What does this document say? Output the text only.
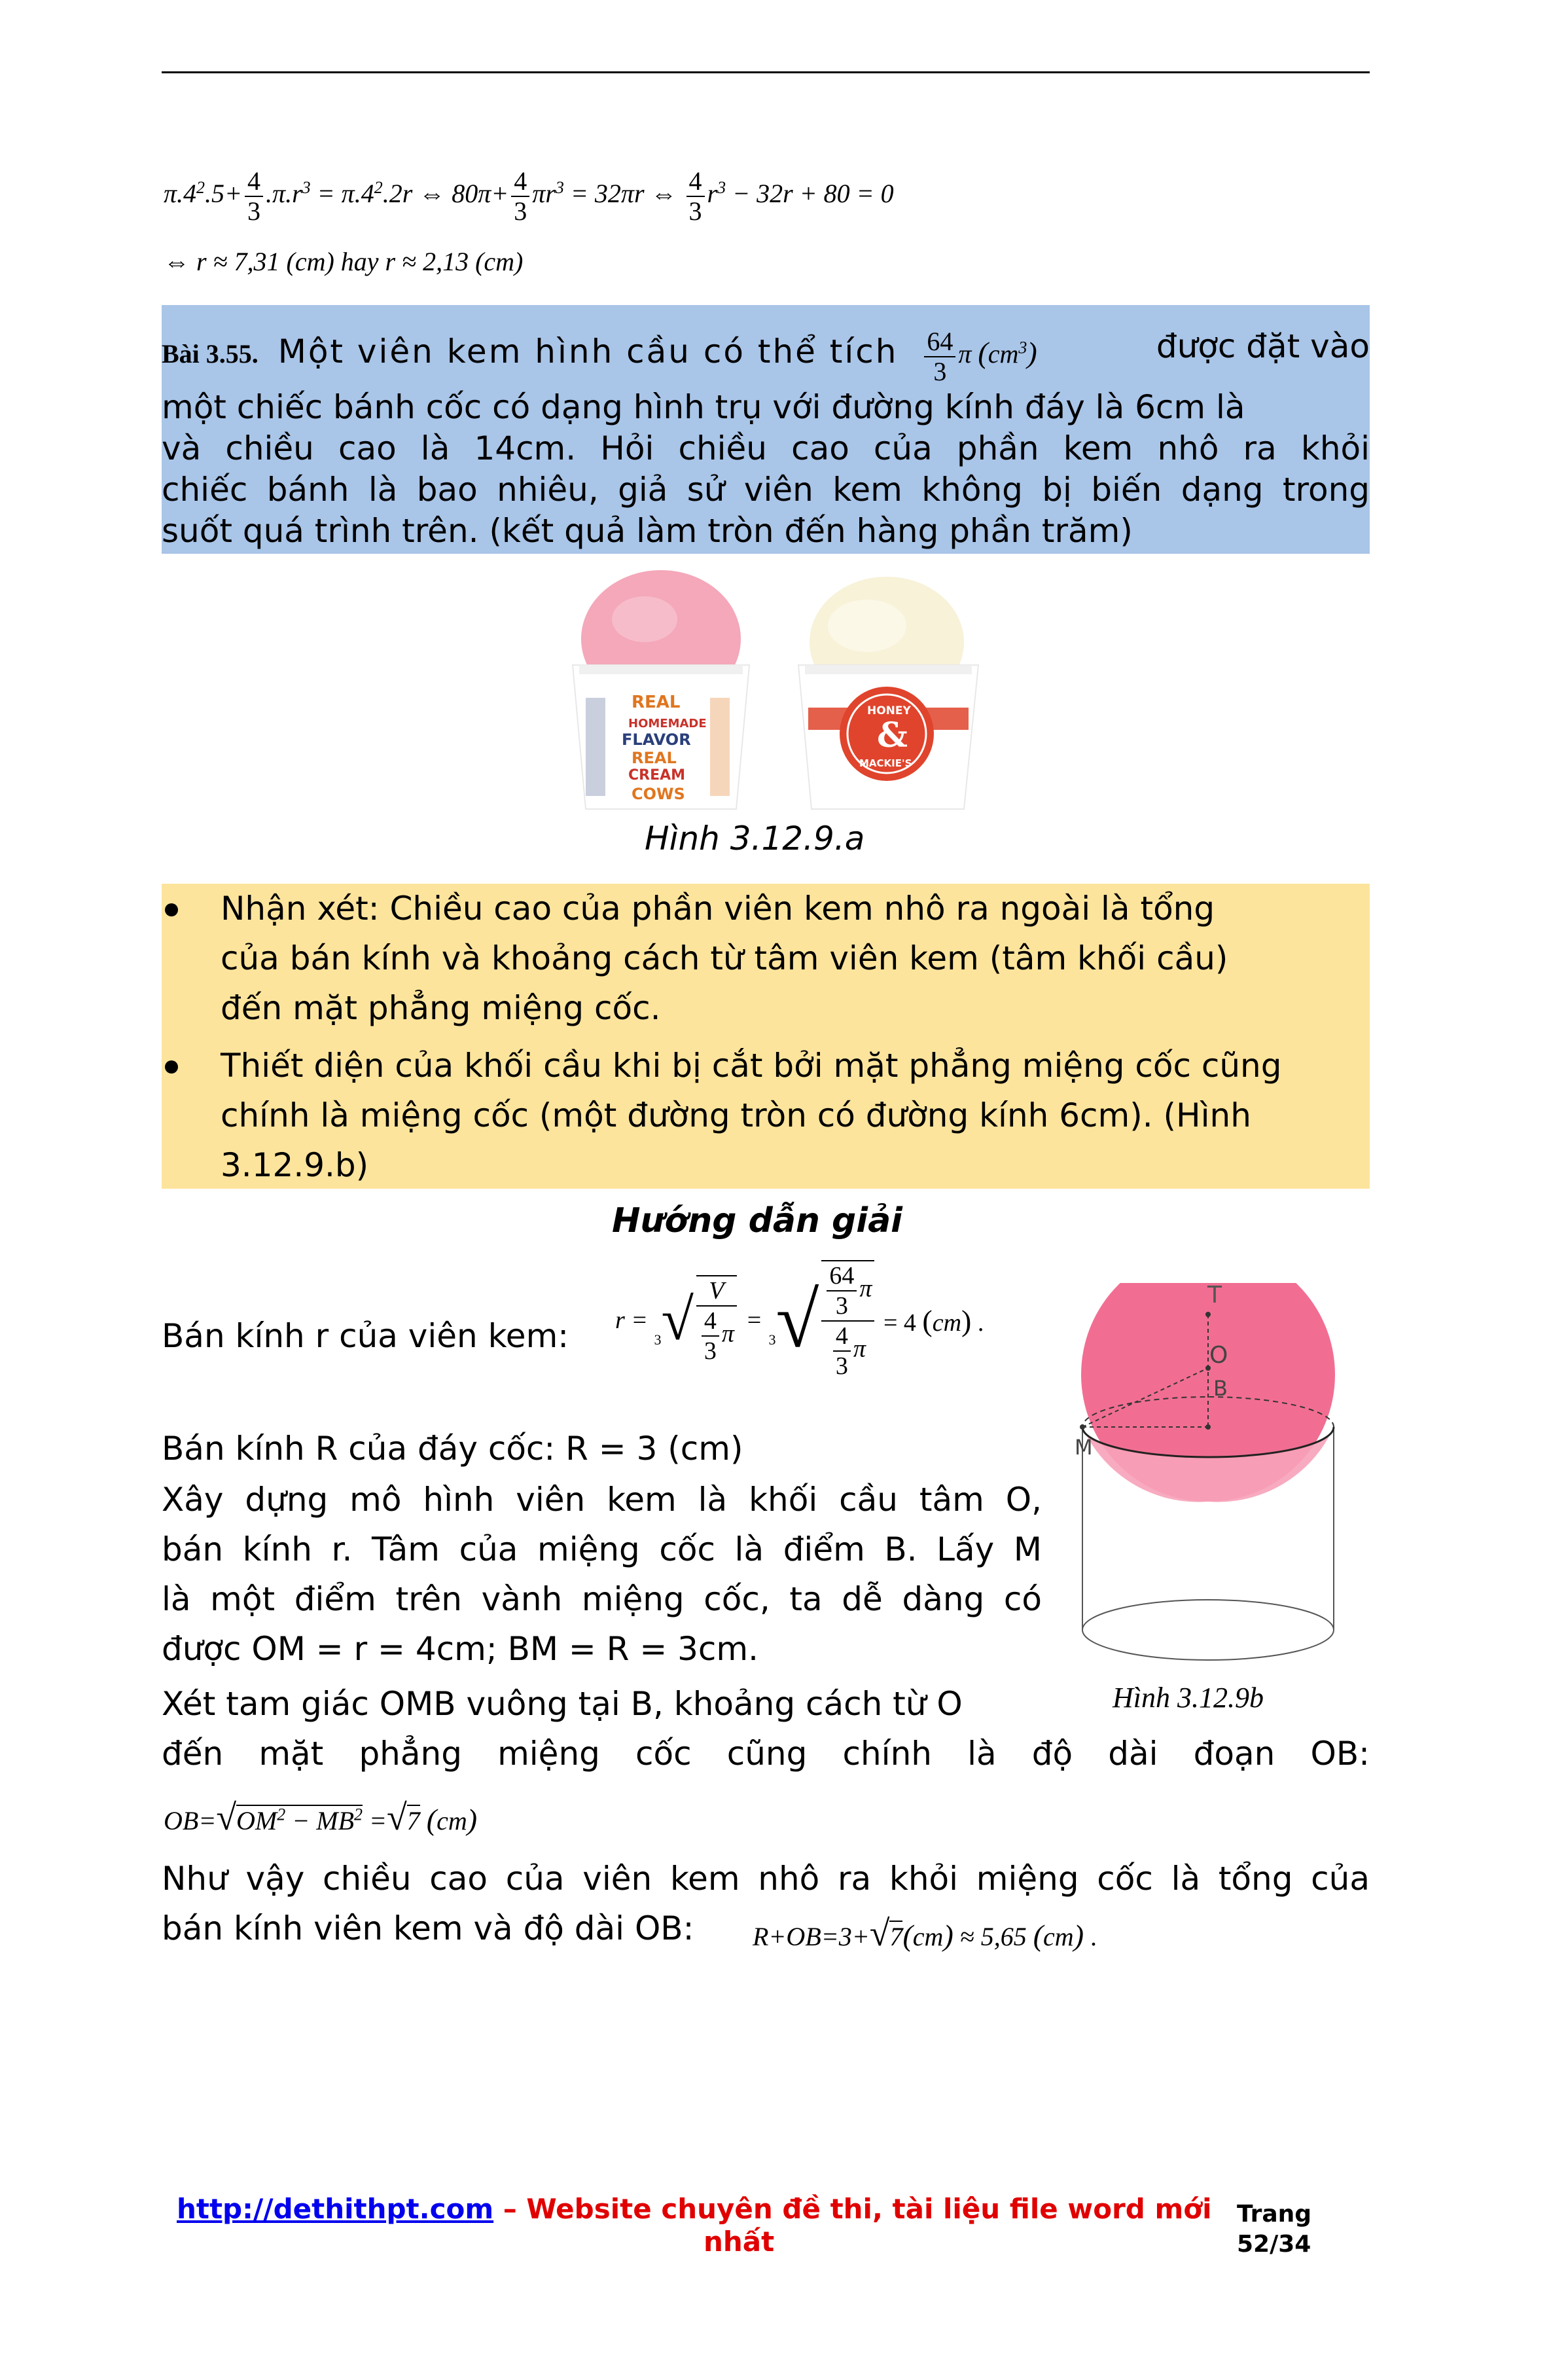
$\pi.4^2.5+ \frac{4}{3} .\pi.r^3 = \pi.4^2.2r$ ⇔ $80\pi+ \frac{4}{3} \pi r^3 = 32\pi r$ ⇔ $\frac{4}{3} r^3 - 32r + 80 = 0$
⇔ r ≈ 7,31 (cm) hay r ≈ 2,13 (cm)
Bài 3.55. Một viên kem hình cầu có thể tích $\frac{64}{3}$ π $(cm^3)$	được đặt vào
một chiếc bánh cốc có dạng hình trụ với đường kính đáy là 6cm là
và chiều cao là 14cm. Hỏi chiều cao của phần kem nhô ra khỏi
chiếc bánh là bao nhiêu, giả sử viên kem không bị biến dạng trong
suốt quá trình trên. (kết quả làm tròn đến hàng phần trăm)
REAL
HOMEMADE
FLAVOR
REAL
CREAM
COWS
HONEY
&
MACKIE'S
Hình 3.12.9.a
Nhận xét: Chiều cao của phần viên kem nhô ra ngoài là tổng
của bán kính và khoảng cách từ tâm viên kem (tâm khối cầu)
đến mặt phẳng miệng cốc.
Thiết diện của khối cầu khi bị cắt bởi mặt phẳng miệng cốc cũng
chính là miệng cốc (một đường tròn có đường kính 6cm). (Hình
3.12.9.b)
Hướng dẫn giải
Bán kính r của viên kem: $r = 3√ \frac{V}{\frac{4}{3} \pi} = 3√ \frac{\frac{64}{3} \pi}{\frac{4}{3} \pi} = 4$ (cm) .
Bán kính R của đáy cốc: R = 3 (cm)
Xây dựng mô hình viên kem là khối cầu tâm O,
bán kính r. Tâm của miệng cốc là điểm B. Lấy M
là một điểm trên vành miệng cốc, ta dễ dàng có
được OM = r = 4cm; BM = R = 3cm.
Xét tam giác OMB vuông tại B, khoảng cách từ O
T
O
B
M
Hình 3.12.9b
đến mặt phẳng miệng cốc cũng chính là độ dài đoạn OB:
$OB=√OM^2 - MB^2 =√7$ (cm)
Như vậy chiều cao của viên kem nhô ra khỏi miệng cốc là tổng của
bán kính viên kem và độ dài OB: R+OB=3+√7(cm) ≈ 5,65 (cm) .
http://dethithpt.com – Website chuyên đề thi, tài liệu file word mới
nhất
Trang
52/34
